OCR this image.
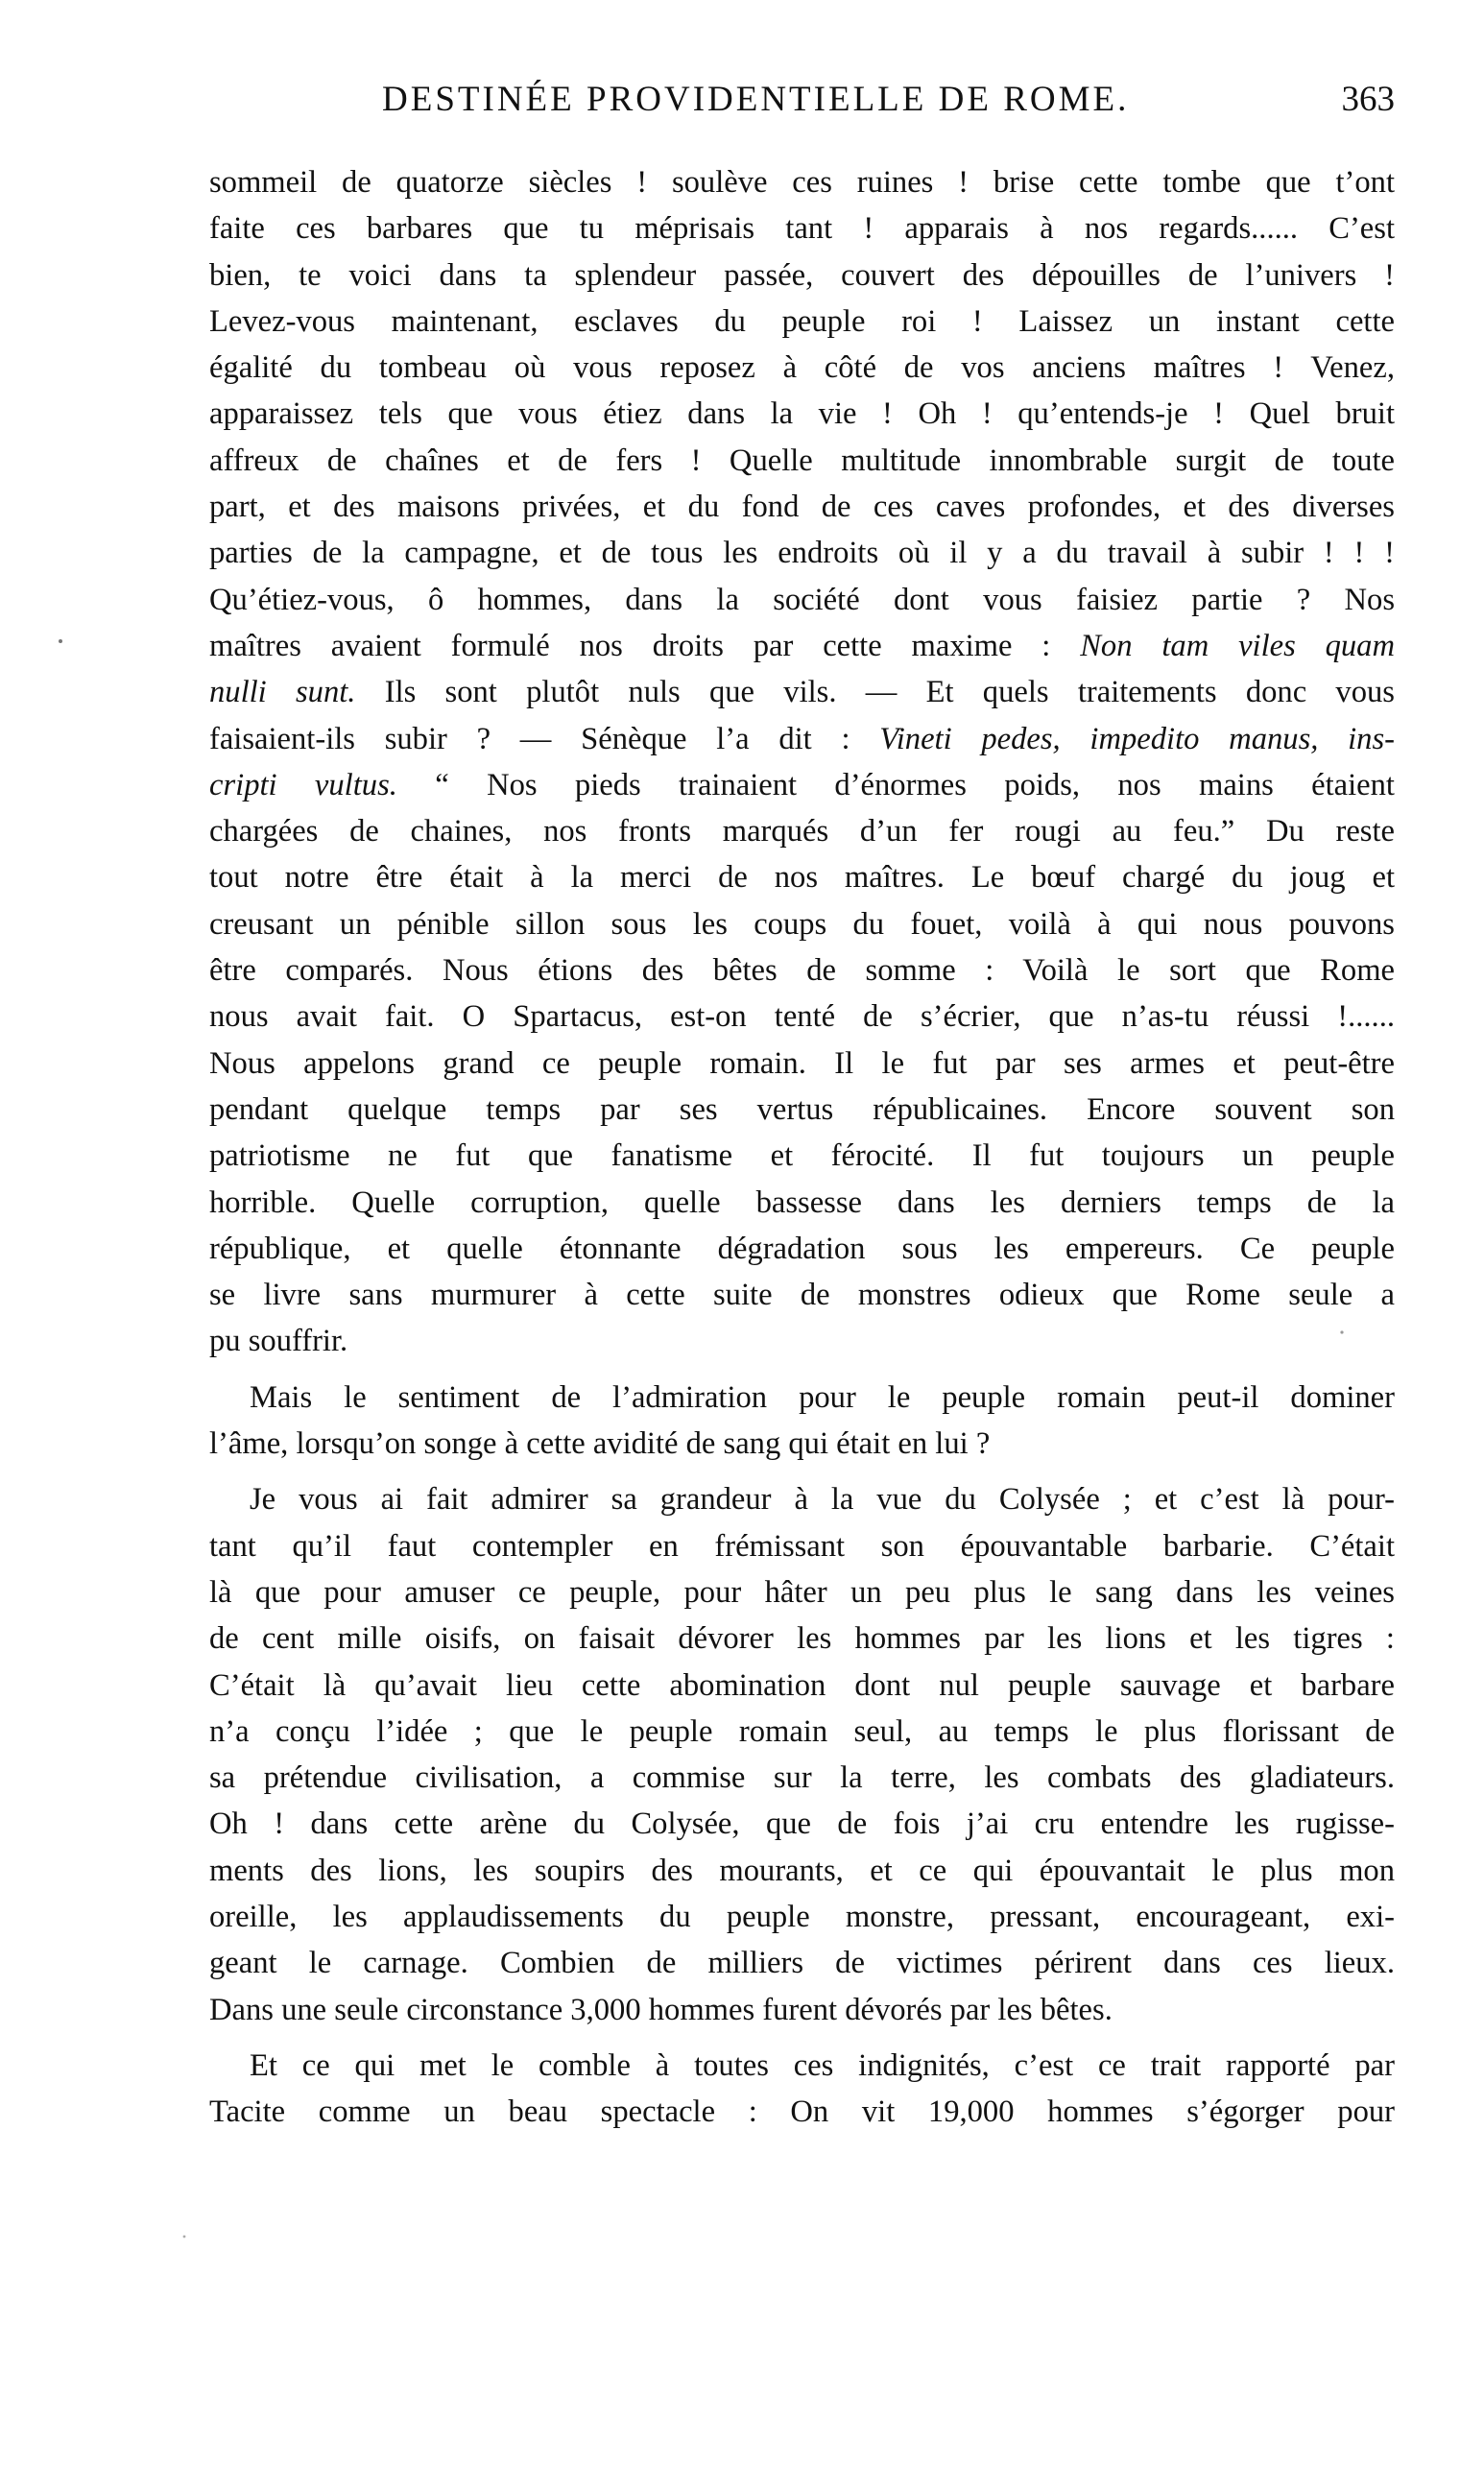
DESTINÉE PROVIDENTIELLE DE ROME.	363
sommeil de quatorze siècles ! soulève ces ruines ! brise cette tombe que t’ont
faite ces barbares que tu méprisais tant ! apparais à nos regards...... C’est
bien, te voici dans ta splendeur passée, couvert des dépouilles de l’univers !
Levez-vous maintenant, esclaves du peuple roi ! Laissez un instant cette
égalité du tombeau où vous reposez à côté de vos anciens maîtres ! Venez,
apparaissez tels que vous étiez dans la vie ! Oh ! qu’entends-je ! Quel bruit
affreux de chaînes et de fers ! Quelle multitude innombrable surgit de toute
part, et des maisons privées, et du fond de ces caves profondes, et des diverses
parties de la campagne, et de tous les endroits où il y a du travail à subir ! ! !
Qu’étiez-vous, ô hommes, dans la société dont vous faisiez partie ? Nos
maîtres avaient formulé nos droits par cette maxime : Non tam viles quam
nulli sunt. Ils sont plutôt nuls que vils. — Et quels traitements donc vous
faisaient-ils subir ? — Sénèque l’a dit : Vineti pedes, impedito manus, ins-
cripti vultus. “ Nos pieds trainaient d’énormes poids, nos mains étaient
chargées de chaines, nos fronts marqués d’un fer rougi au feu.” Du reste
tout notre être était à la merci de nos maîtres. Le bœuf chargé du joug et
creusant un pénible sillon sous les coups du fouet, voilà à qui nous pouvons
être comparés. Nous étions des bêtes de somme : Voilà le sort que Rome
nous avait fait. O Spartacus, est-on tenté de s’écrier, que n’as-tu réussi !......
Nous appelons grand ce peuple romain. Il le fut par ses armes et peut-être
pendant quelque temps par ses vertus républicaines. Encore souvent son
patriotisme ne fut que fanatisme et férocité. Il fut toujours un peuple
horrible. Quelle corruption, quelle bassesse dans les derniers temps de la
république, et quelle étonnante dégradation sous les empereurs. Ce peuple
se livre sans murmurer à cette suite de monstres odieux que Rome seule a
pu souffrir.
Mais le sentiment de l’admiration pour le peuple romain peut-il dominer
l’âme, lorsqu’on songe à cette avidité de sang qui était en lui ?
Je vous ai fait admirer sa grandeur à la vue du Colysée ; et c’est là pour-
tant qu’il faut contempler en frémissant son épouvantable barbarie. C’était
là que pour amuser ce peuple, pour hâter un peu plus le sang dans les veines
de cent mille oisifs, on faisait dévorer les hommes par les lions et les tigres :
C’était là qu’avait lieu cette abomination dont nul peuple sauvage et barbare
n’a conçu l’idée ; que le peuple romain seul, au temps le plus florissant de
sa prétendue civilisation, a commise sur la terre, les combats des gladiateurs.
Oh ! dans cette arène du Colysée, que de fois j’ai cru entendre les rugisse-
ments des lions, les soupirs des mourants, et ce qui épouvantait le plus mon
oreille, les applaudissements du peuple monstre, pressant, encourageant, exi-
geant le carnage. Combien de milliers de victimes périrent dans ces lieux.
Dans une seule circonstance 3,000 hommes furent dévorés par les bêtes.
Et ce qui met le comble à toutes ces indignités, c’est ce trait rapporté par
Tacite comme un beau spectacle : On vit 19,000 hommes s’égorger pour
